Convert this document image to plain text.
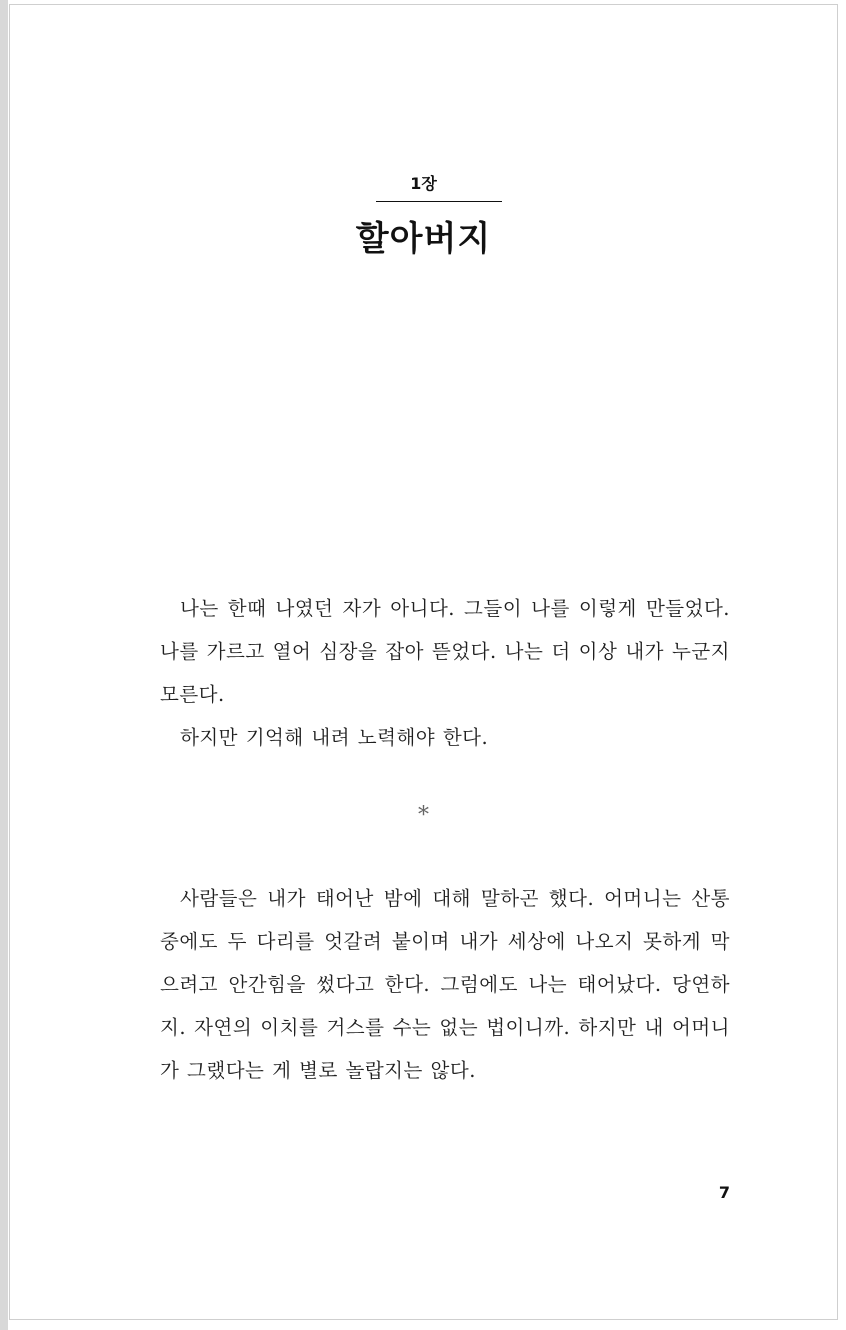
1장
할아버지

나는 한때 나였던 자가 아니다. 그들이 나를 이렇게 만들었다. 나를 가르고 열어 심장을 잡아 뜯었다. 나는 더 이상 내가 누군지 모른다.

하지만 기억해 내려 노력해야 한다.

*

사람들은 내가 태어난 밤에 대해 말하곤 했다. 어머니는 산통 중에도 두 다리를 엇갈려 붙이며 내가 세상에 나오지 못하게 막으려고 안간힘을 썼다고 한다. 그럼에도 나는 태어났다. 당연하지. 자연의 이치를 거스를 수는 없는 법이니까. 하지만 내 어머니가 그랬다는 게 별로 놀랍지는 않다.

7
